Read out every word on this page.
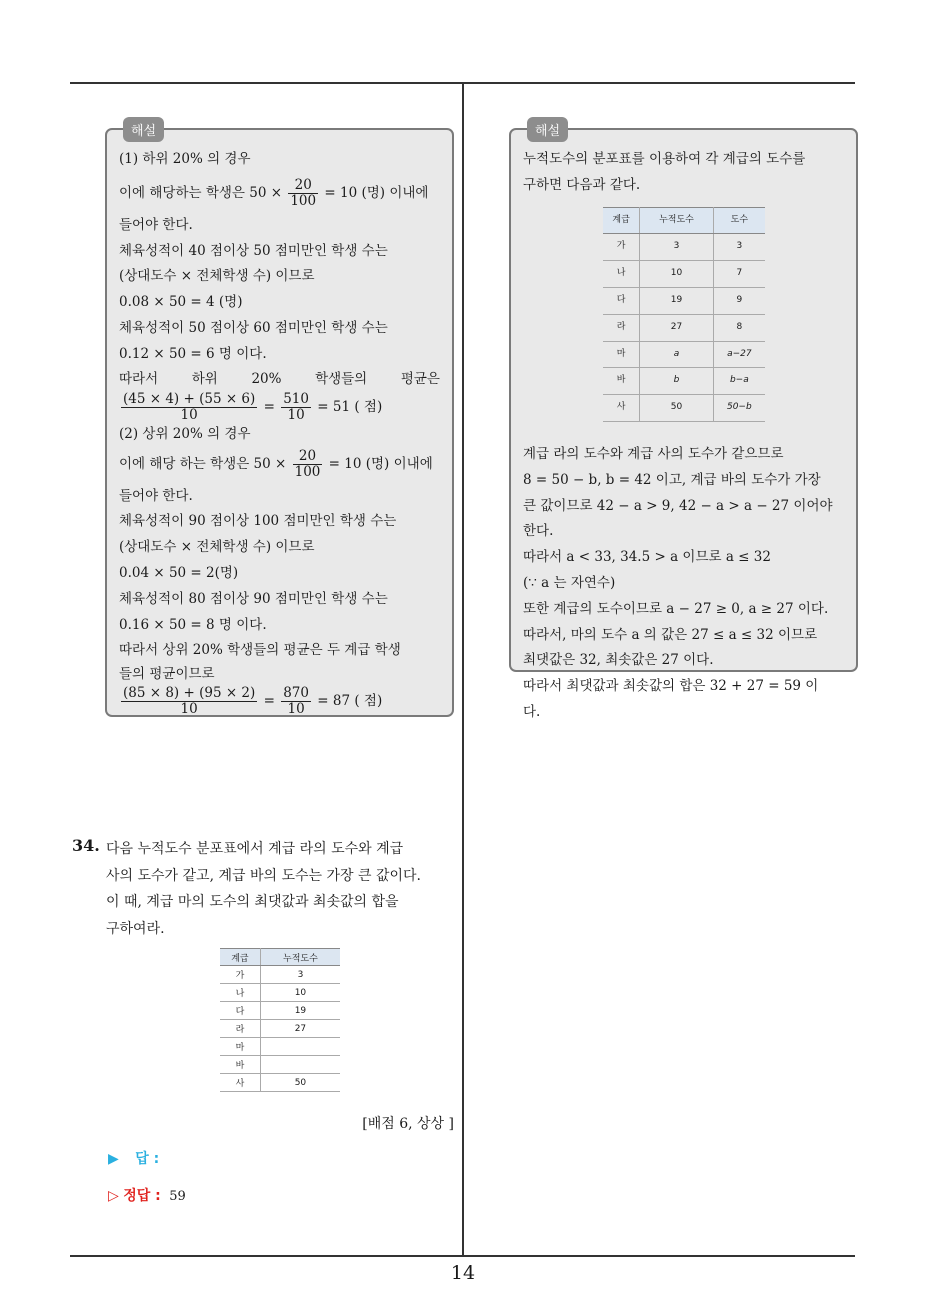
해설

(1) 하위 20% 의 경우

이에 해당하는 학생은 $50 \times \frac{20}{100} = 10$ (명) 이내에

들어야 한다.

체육성적이 40 점이상 50 점미만인 학생 수는

(상대도수 × 전체학생 수) 이므로

0.08 × 50 = 4 (명)

체육성적이 50 점이상 60 점미만인 학생 수는

0.12 × 50 = 6 명 이다.

따라서 하위 20% 학생들의 평균은

$\frac{(45 \times 4) + (55 \times 6)}{10} = \frac{510}{10} = 51$ ( 점)

(2) 상위 20% 의 경우

이에 해당 하는 학생은 $50 \times \frac{20}{100} = 10$ (명) 이내에

들어야 한다.

체육성적이 90 점이상 100 점미만인 학생 수는

(상대도수 × 전체학생 수) 이므로

0.04 × 50 = 2(명)

체육성적이 80 점이상 90 점미만인 학생 수는

0.16 × 50 = 8 명 이다.

따라서 상위 20% 학생들의 평균은 두 계급 학생

들의 평균이므로

$\frac{(85 \times 8) + (95 \times 2)}{10} = \frac{870}{10} = 87$ ( 점)

해설

누적도수의 분포표를 이용하여 각 계급의 도수를

구하면 다음과 같다.

계급	누적도수	도수
가	3	3
나	10	7
다	19	9
라	27	8
마	a	a−27
바	b	b−a
사	50	50−b

계급 라의 도수와 계급 사의 도수가 같으므로

8 = 50 − b, b = 42 이고, 계급 바의 도수가 가장

큰 값이므로 42 − a > 9, 42 − a > a − 27 이어야

한다.

따라서 a < 33, 34.5 > a 이므로 a ≤ 32

(∵ a 는 자연수)

또한 계급의 도수이므로 a − 27 ≥ 0, a ≥ 27 이다.

따라서, 마의 도수 a 의 값은 27 ≤ a ≤ 32 이므로

최댓값은 32, 최솟값은 27 이다.

따라서 최댓값과 최솟값의 합은 32 + 27 = 59 이

다.

34. 다음 누적도수 분포표에서 계급 라의 도수와 계급

사의 도수가 같고, 계급 바의 도수는 가장 큰 값이다.

이 때, 계급 마의 도수의 최댓값과 최솟값의 합을

구하여라.

계급	누적도수
가	3
나	10
다	19
라	27
마	
바	
사	50
[배점 6, 상상 ]
▶ 답 :
▷ 정답 : 59
14
